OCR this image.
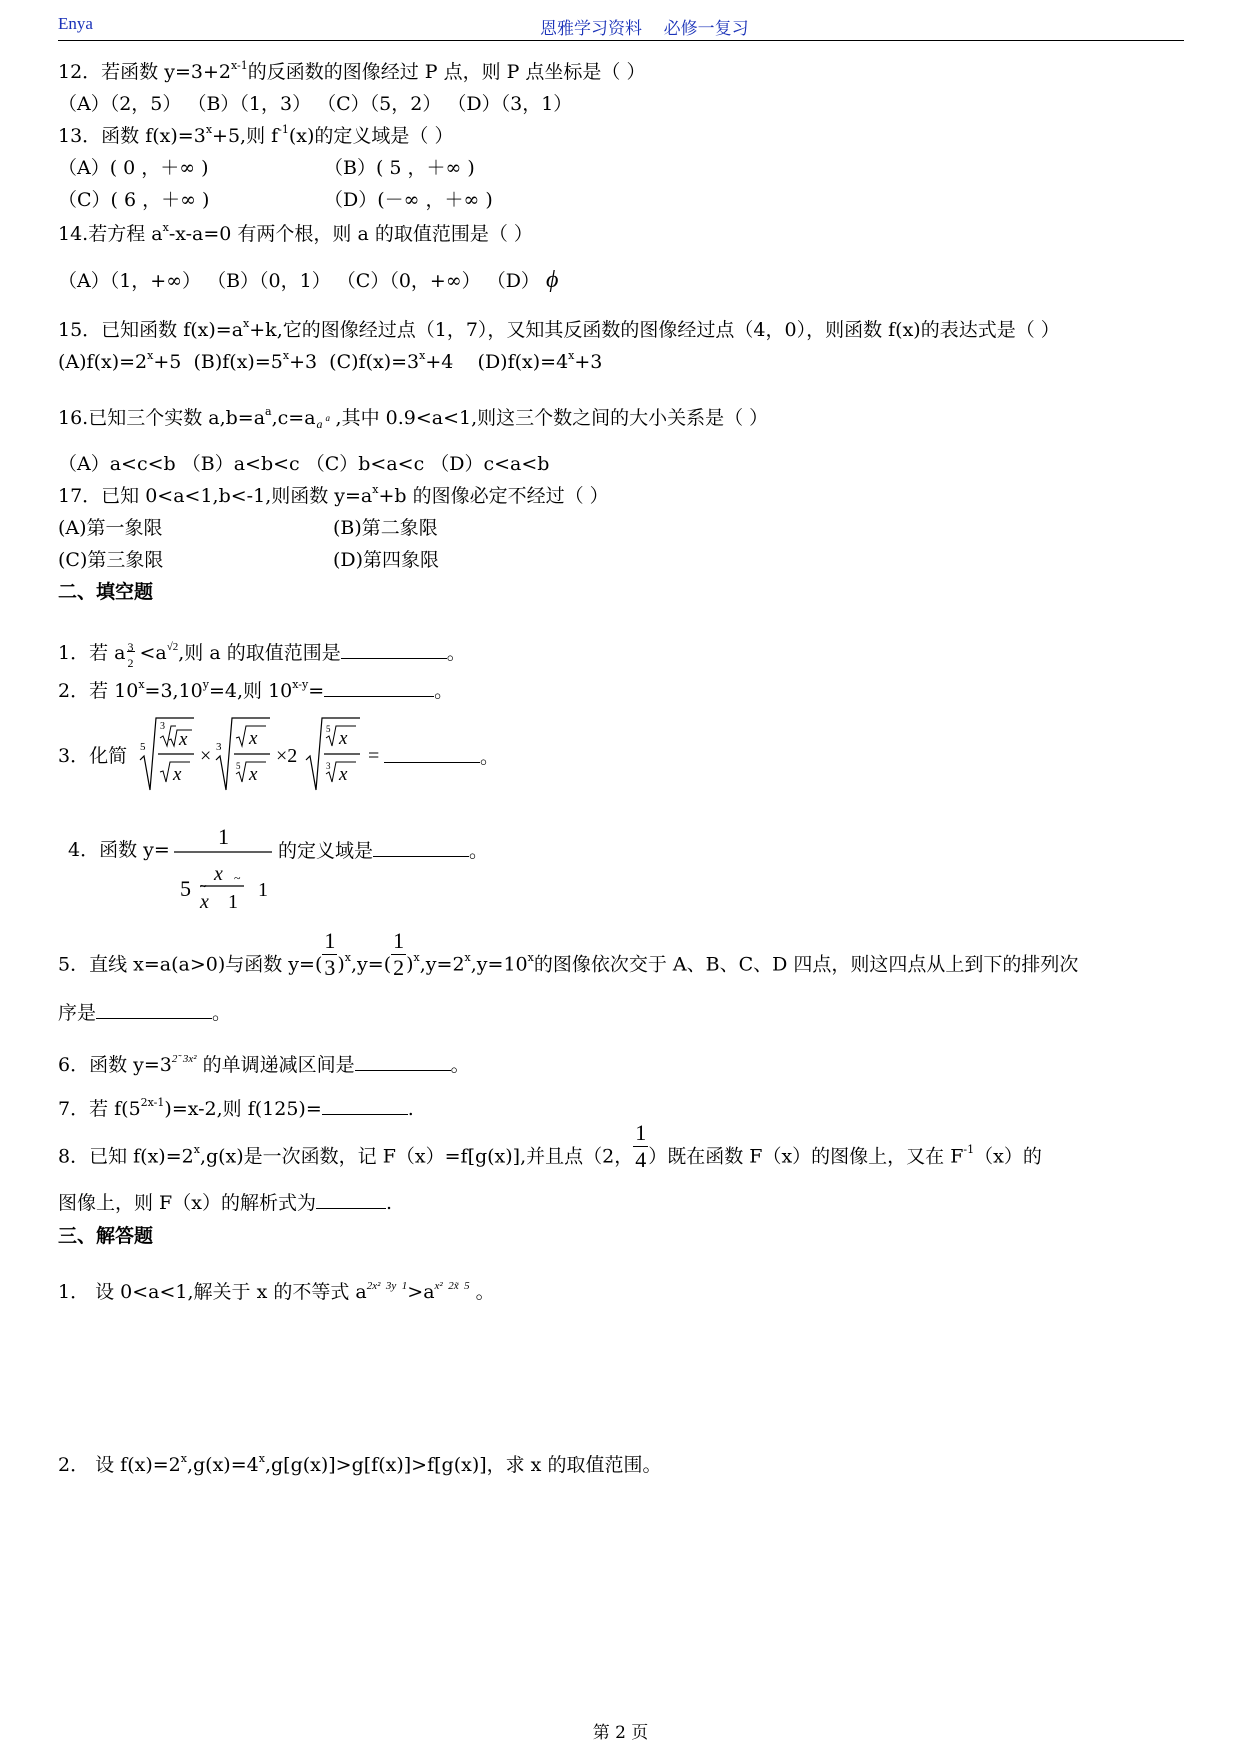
Enya	恩雅学习资料    必修一复习
12．若函数 $y=3+2^{x-1}$的反函数的图像经过 P 点，则 P 点坐标是（ ）
（A）（2，5） （B）（1，3） （C）（5，2） （D）（3，1）
13．函数 $f(x)=3^x+5$,则 $f^{-1}(x)$的定义域是（ ）
（A）( 0 ，＋∞ )	（B）( 5 ，＋∞ )
（C）( 6 ，＋∞ )	（D）(－∞ ，＋∞ )
14.若方程 $a^x-x-a=0$ 有两个根，则 a 的取值范围是（ ）
（A）（1，+∞） （B）（0，1） （C）（0，+∞） （D） ϕ
15．已知函数 $f(x)=a^x+k$,它的图像经过点（1，7），又知其反函数的图像经过点（4，0），则函数 f(x)的表达式是（ ）
$(A)f(x)=2^x+5$ $(B)f(x)=5^x+3$ $(C)f(x)=3^x+4$ $(D)f(x)=4^x+3$
16.已知三个实数 $a,b=a^a,c=a$ a a ,其中 0.9<a<1,则这三个数之间的大小关系是（ ）
（A）a<c<b （B）a<b<c （C）b<a<c （D）c<a<b
17．已知 0<a<1,b<-1,则函数 $y=a^x+b$ 的图像必定不经过（ ）
(A)第一象限	(B)第二象限
(C)第三象限	(D)第四象限
二、填空题
1．若 a 3
$2 <a^{√2}$,则 a 的取值范围是	。
2．若 $10^x=3,10^y=4$,则 $10^{x-y}=$	。
3．化简 5
3
x
x
× 3 x
5 x
×2
5 x
3 x
=	。
4．函数 y=
1
5
x ~
~
x 1
1
的定义域是	。
5．直线 x=a(a>0)与函数 $y=( \frac{1}{3} )^x,y=( \frac{1}{2} )^x,y=2^x,y=10^x$的图像依次交于 A、B、C、D 四点，则这四点从上到下的排列次
序是	。
6．函数 $y=3^{2̃ 3x^2}$ 的单调递减区间是	。
7．若 $f(5^{2x-1})=x-2$,则 f(125)=	.
8．已知 $f(x)=2^x,g(x)$是一次函数，记 F（x）=f[g(x)],并且点（2， $\frac{1}{4}$ ）既在函数 F（x）的图像上，又在 $F^{-1}(x)$的
图像上，则 F（x）的解析式为	.
三、解答题
1． 设 0<a<1,解关于 x 的不等式 $a^{2x^2 3y 1}>a^{x^2 2x̃ 5}$ 。
2． 设 $f(x)=2^x,g(x)=4^x,g[g(x)]>g[f(x)]>f[g(x)]$，求 x 的取值范围。
第 2 页
